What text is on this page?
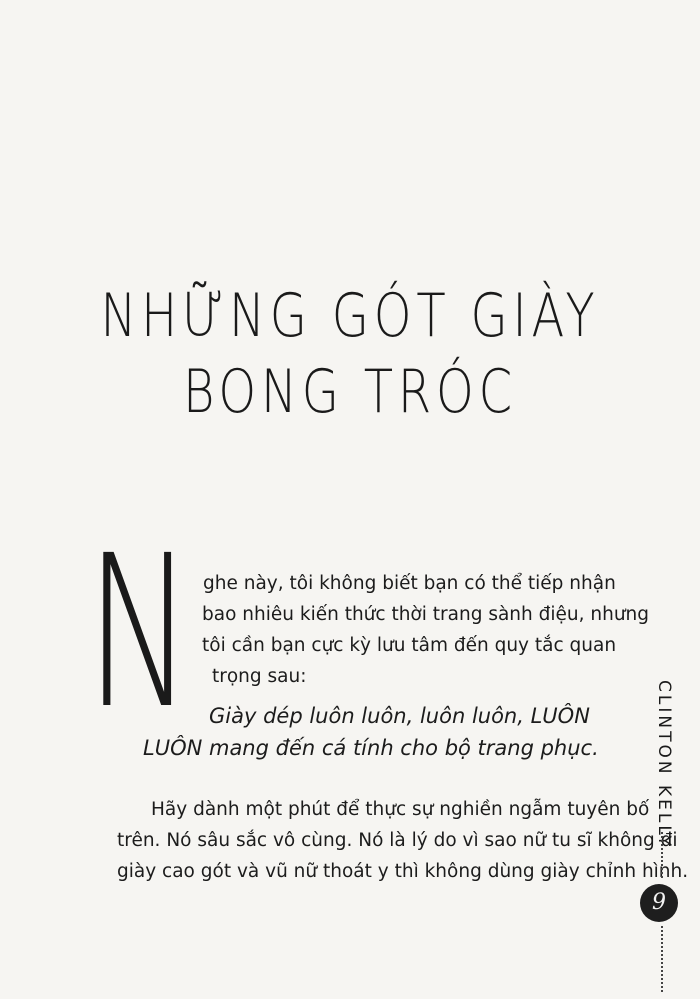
NHỮNG GÓT GIÀY
BONG TRÓC
N ghe này, tôi không biết bạn có thể tiếp nhận
bao nhiêu kiến thức thời trang sành điệu, nhưng
tôi cần bạn cực kỳ lưu tâm đến quy tắc quan
trọng sau:
Giày dép luôn luôn, luôn luôn, LUÔN
LUÔN mang đến cá tính cho bộ trang phục.
Hãy dành một phút để thực sự nghiền ngẫm tuyên bố
trên. Nó sâu sắc vô cùng. Nó là lý do vì sao nữ tu sĩ không đi
giày cao gót và vũ nữ thoát y thì không dùng giày chỉnh hình.
CLINTON KELLY
9
